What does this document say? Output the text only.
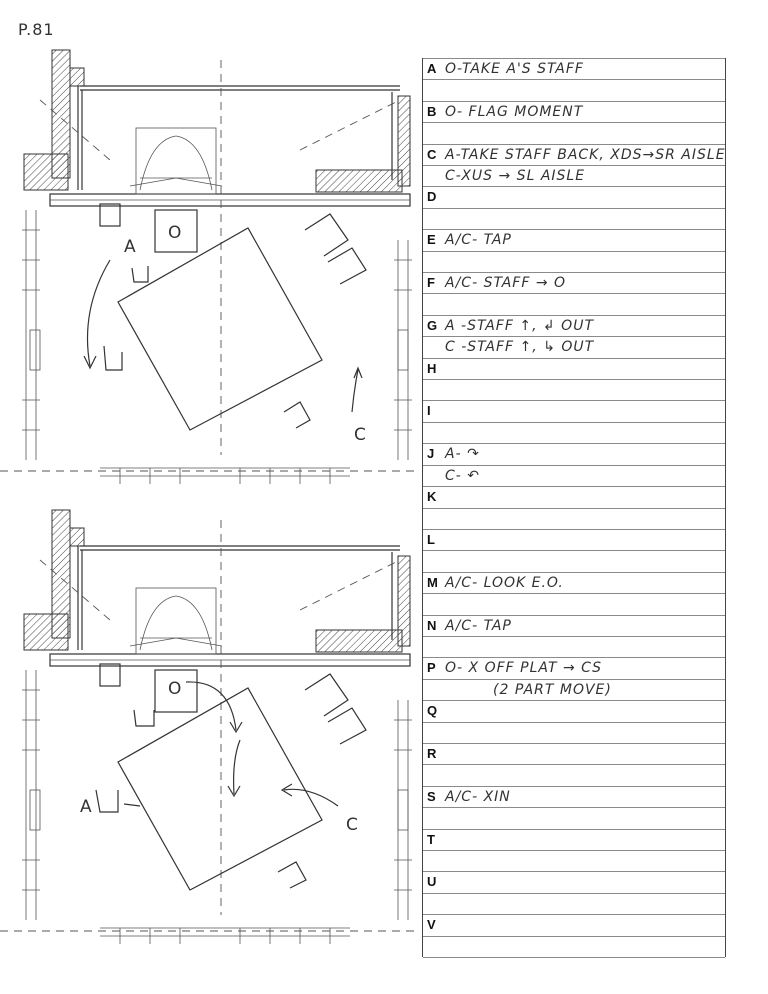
P.81
O
A
C
O
A
C
A O-TAKE A'S STAFF
B O- FLAG MOMENT
C A-TAKE STAFF BACK, XDS→SR AISLE
C-XUS → SL AISLE
D
E A/C- TAP
F A/C- STAFF → O
G A -STAFF ↑, ↲ OUT
C -STAFF ↑, ↳ OUT
H
I
J A- ↷
C- ↶
K
L
M A/C- LOOK E.O.
N A/C- TAP
P O- X OFF PLAT → CS
(2 PART MOVE)
Q
R
S A/C- XIN
T
U
V
